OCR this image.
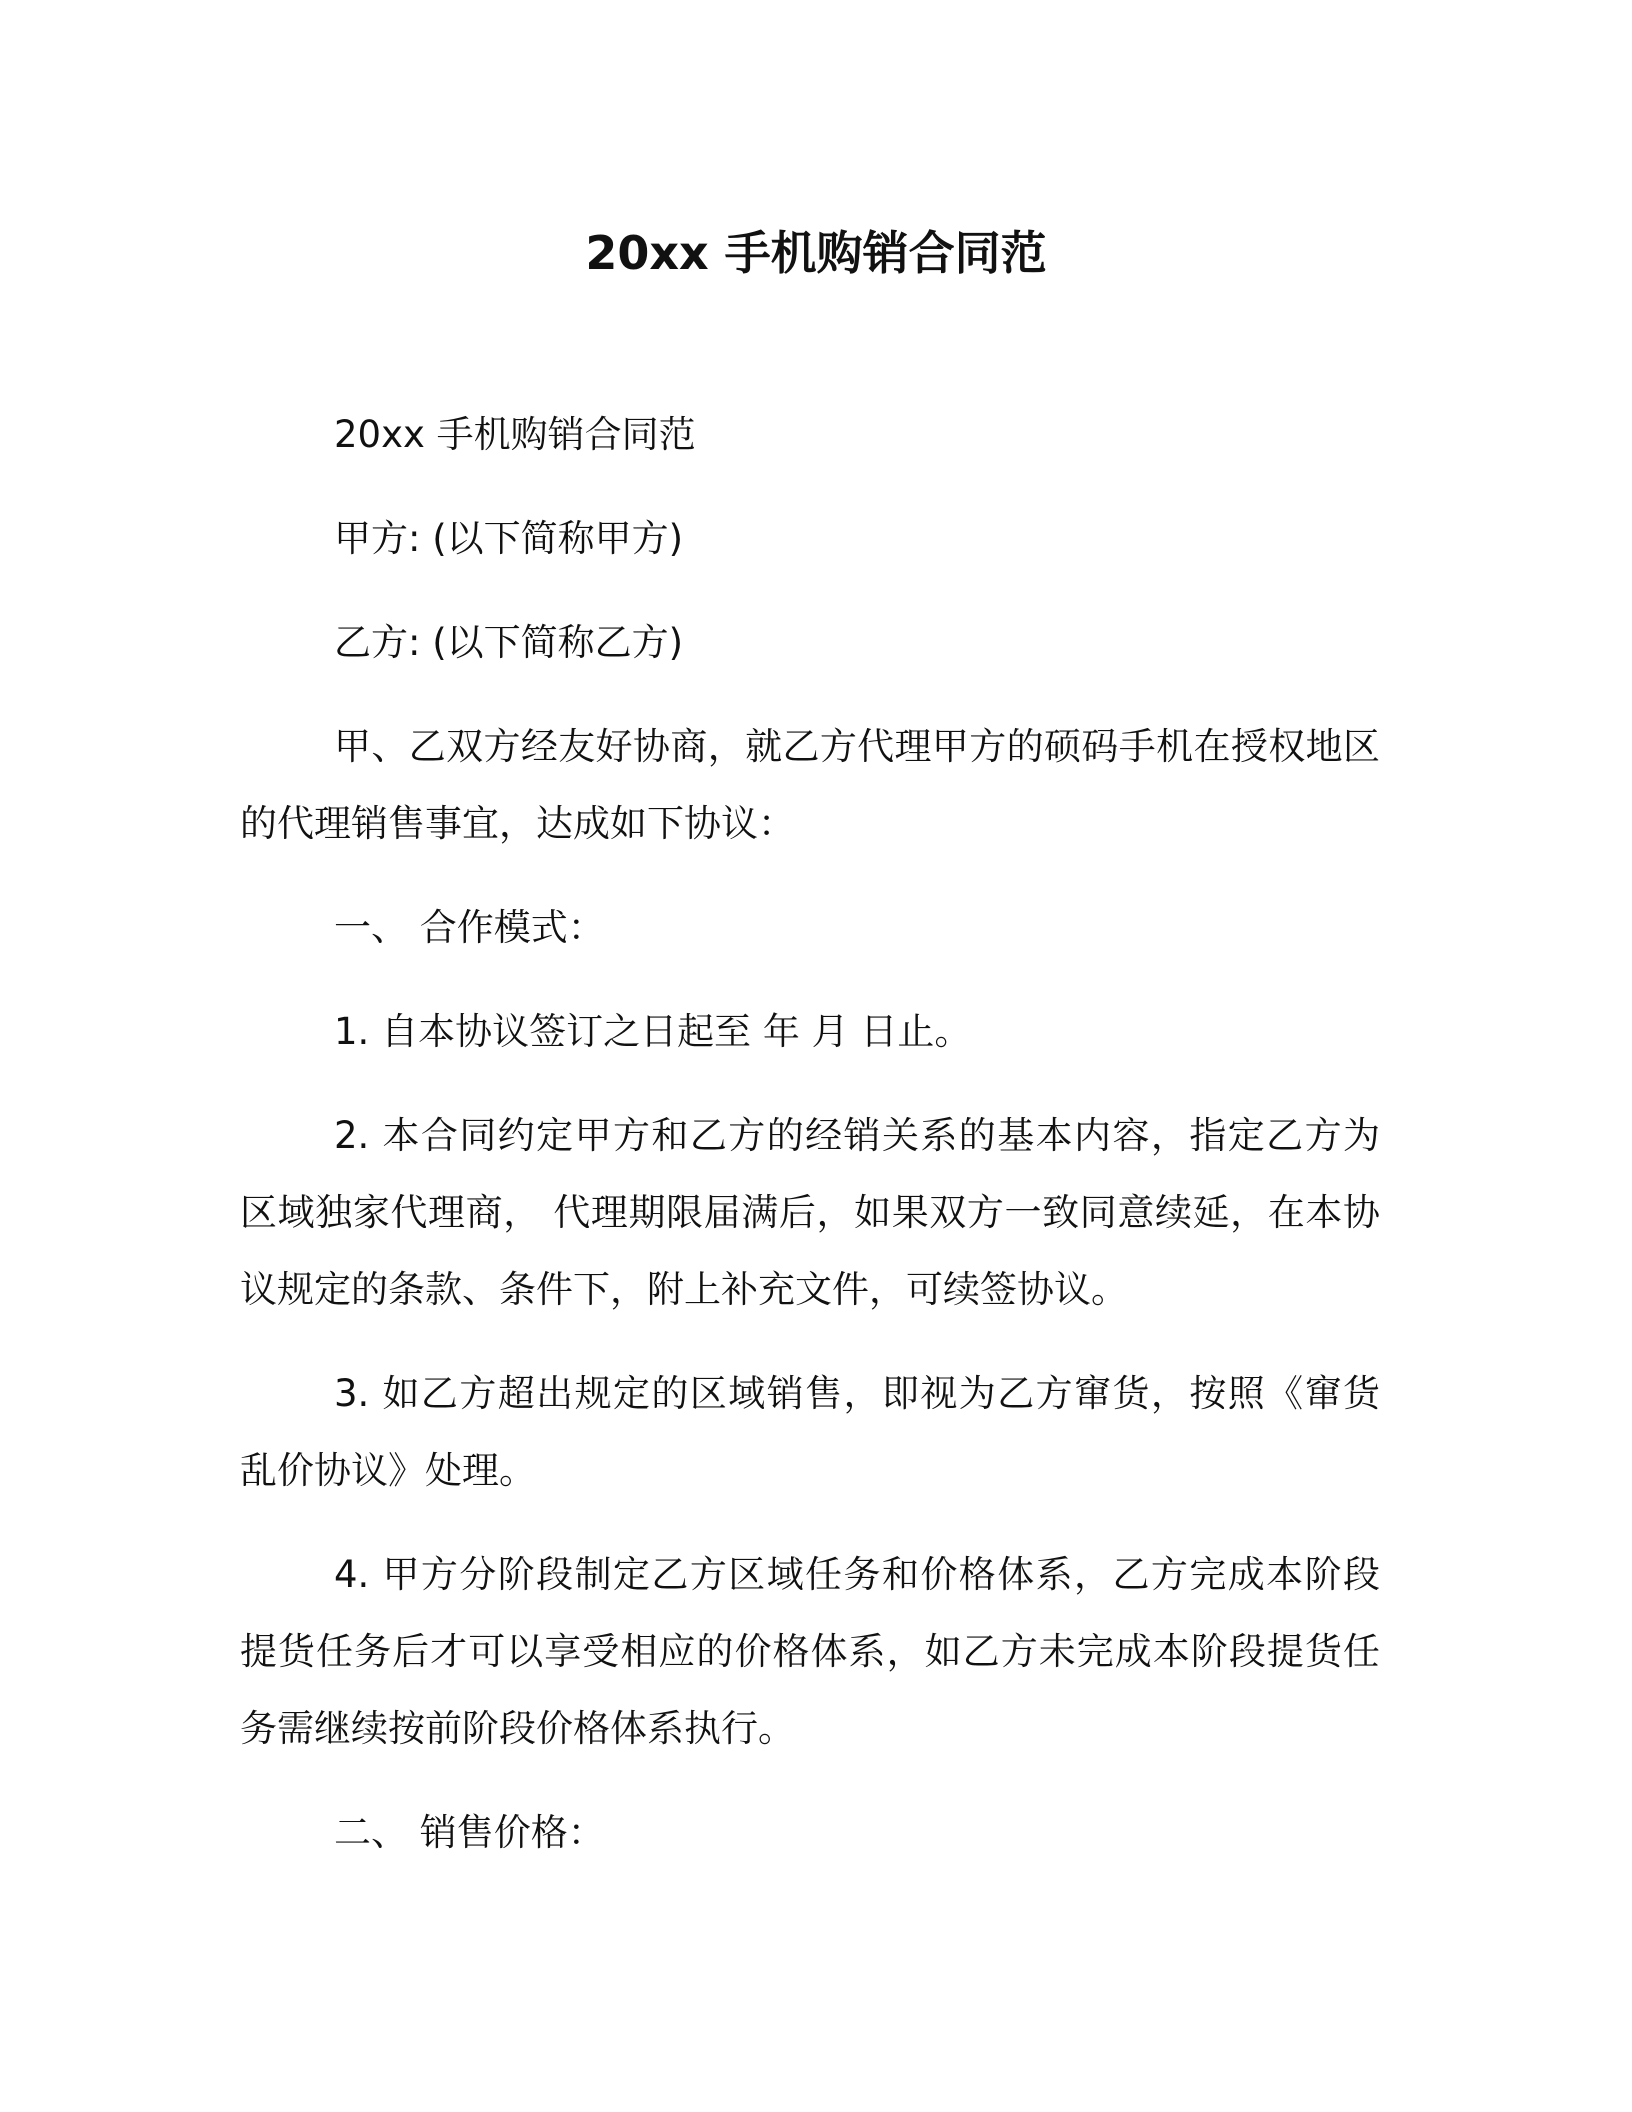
20xx 手机购销合同范

20xx 手机购销合同范

甲方: (以下简称甲方)

乙方: (以下简称乙方)

甲、乙双方经友好协商，就乙方代理甲方的硕码手机在授权地区的代理销售事宜，达成如下协议：

一、 合作模式：

1. 自本协议签订之日起至 年 月 日止。

2. 本合同约定甲方和乙方的经销关系的基本内容，指定乙方为区域独家代理商， 代理期限届满后，如果双方一致同意续延，在本协议规定的条款、条件下，附上补充文件，可续签协议。

3. 如乙方超出规定的区域销售，即视为乙方窜货，按照《窜货乱价协议》处理。

4. 甲方分阶段制定乙方区域任务和价格体系，乙方完成本阶段提货任务后才可以享受相应的价格体系，如乙方未完成本阶段提货任务需继续按前阶段价格体系执行。

二、 销售价格：
